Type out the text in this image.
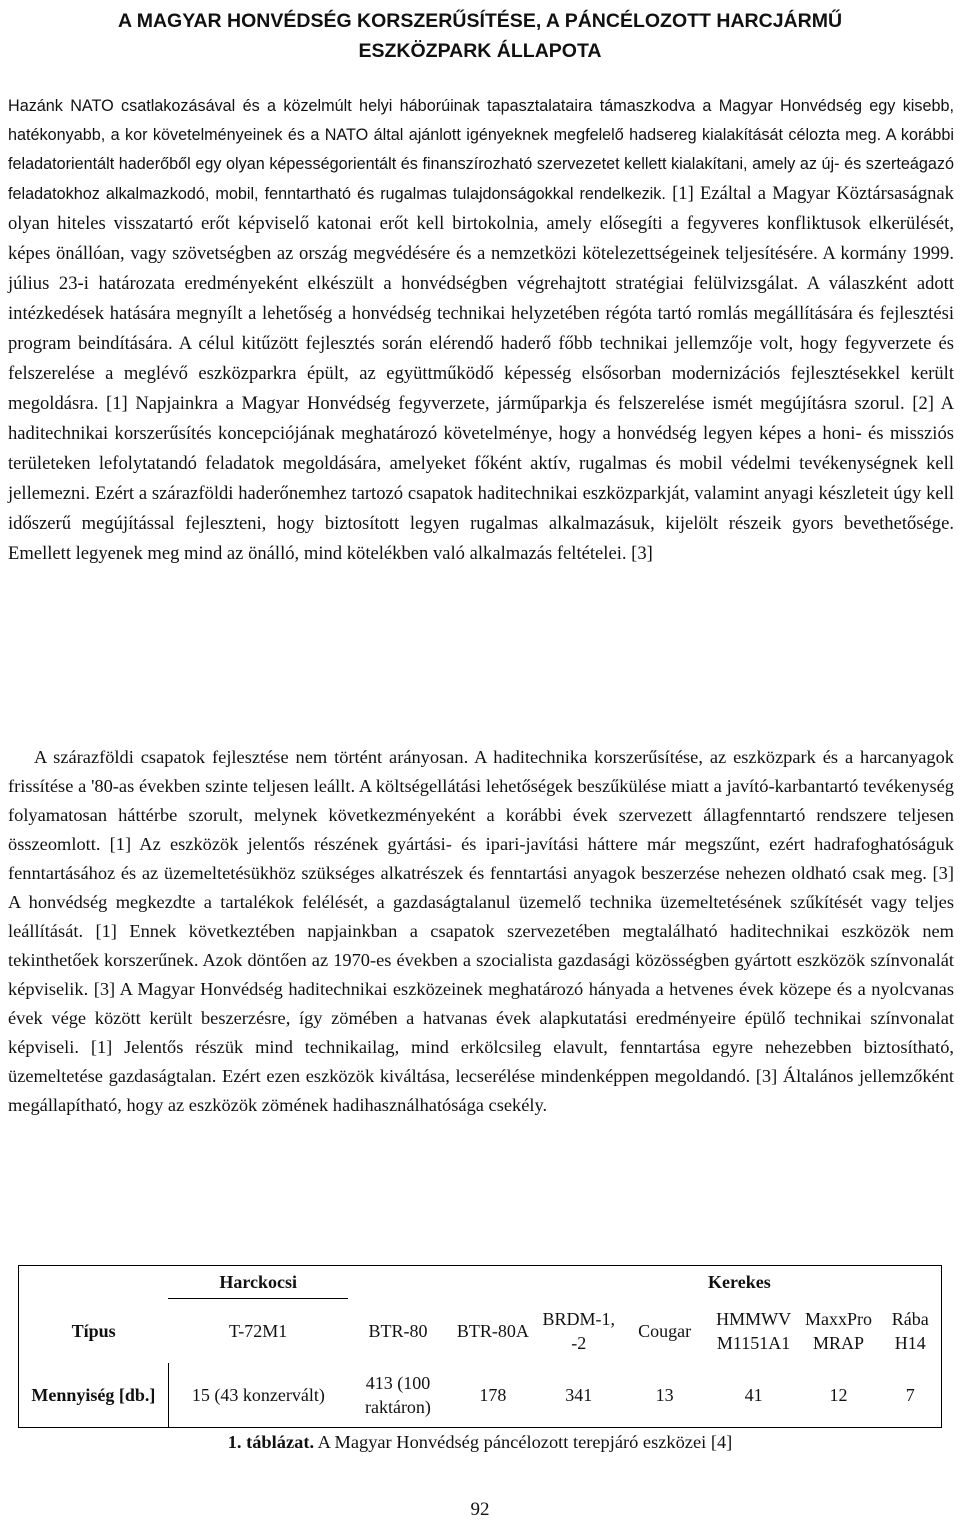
A MAGYAR HONVÉDSÉG KORSZERŰSÍTÉSE, A PÁNCÉLOZOTT HARCJÁRMŰ
ESZKÖZPARK ÁLLAPOTA
Hazánk NATO csatlakozásával és a közelmúlt helyi háborúinak tapasztalataira támaszkodva a Magyar Honvédség egy kisebb, hatékonyabb, a kor követelményeinek és a NATO által ajánlott igényeknek megfelelő hadsereg kialakítását célozta meg. A korábbi feladatorientált haderőből egy olyan képességorientált és finanszírozható szervezetet kellett kialakítani, amely az új- és szerteágazó feladatokhoz alkalmazkodó, mobil, fenntartható és rugalmas tulajdonságokkal rendelkezik. [1] Ezáltal a Magyar Köztársaságnak olyan hiteles visszatartó erőt képviselő katonai erőt kell birtokolnia, amely elősegíti a fegyveres konfliktusok elkerülését, képes önállóan, vagy szövetségben az ország megvédésére és a nemzetközi kötelezettségeinek teljesítésére. A kormány 1999. július 23-i határozata eredményeként elkészült a honvédségben végrehajtott stratégiai felülvizsgálat. A válaszként adott intézkedések hatására megnyílt a lehetőség a honvédség technikai helyzetében régóta tartó romlás megállítására és fejlesztési program beindítására. A célul kitűzött fejlesztés során elérendő haderő főbb technikai jellemzője volt, hogy fegyverzete és felszerelése a meglévő eszközparkra épült, az együttműködő képesség elsősorban modernizációs fejlesztésekkel került megoldásra. [1] Napjainkra a Magyar Honvédség fegyverzete, járműparkja és felszerelése ismét megújításra szorul. [2] A haditechnikai korszerűsítés koncepciójának meghatározó követelménye, hogy a honvédség legyen képes a honi- és missziós területeken lefolytatandó feladatok megoldására, amelyeket főként aktív, rugalmas és mobil védelmi tevékenységnek kell jellemezni. Ezért a szárazföldi haderőnemhez tartozó csapatok haditechnikai eszközparkját, valamint anyagi készleteit úgy kell időszerű megújítással fejleszteni, hogy biztosított legyen rugalmas alkalmazásuk, kijelölt részeik gyors bevethetősége. Emellett legyenek meg mind az önálló, mind kötelékben való alkalmazás feltételei. [3]
A szárazföldi csapatok fejlesztése nem történt arányosan. A haditechnika korszerűsítése, az eszközpark és a harcanyagok frissítése a '80-as években szinte teljesen leállt. A költségellátási lehetőségek beszűkülése miatt a javító-karbantartó tevékenység folyamatosan háttérbe szorult, melynek következményeként a korábbi évek szervezett állagfenntartó rendszere teljesen összeomlott. [1] Az eszközök jelentős részének gyártási- és ipari-javítási háttere már megszűnt, ezért hadrafoghatóságuk fenntartásához és az üzemeltetésükhöz szükséges alkatrészek és fenntartási anyagok beszerzése nehezen oldható csak meg. [3] A honvédség megkezdte a tartalékok felélését, a gazdaságtalanul üzemelő technika üzemeltetésének szűkítését vagy teljes leállítását. [1] Ennek következtében napjainkban a csapatok szervezetében megtalálható haditechnikai eszközök nem tekinthetőek korszerűnek. Azok döntően az 1970-es években a szocialista gazdasági közösségben gyártott eszközök színvonalát képviselik. [3] A Magyar Honvédség haditechnikai eszközeinek meghatározó hányada a hetvenes évek közepe és a nyolcvanas évek vége között került beszerzésre, így zömében a hatvanas évek alapkutatási eredményeire épülő technikai színvonalat képviseli. [1] Jelentős részük mind technikailag, mind erkölcsileg elavult, fenntartása egyre nehezebben biztosítható, üzemeltetése gazdaságtalan. Ezért ezen eszközök kiváltása, lecserélése mindenképpen megoldandó. [3] Általános jellemzőként megállapítható, hogy az eszközök zömének hadihasználhatósága csekély.
	Harckocsi			Kerekes				
Típus	T-72M1	BTR-80	BTR-80A	BRDM-1, -2	Cougar	HMMWV M1151A1	MaxxPro MRAP	Rába H14
Mennyiség [db.]	15 (43 konzervált)	413 (100 raktáron)	178	341	13	41	12	7
1. táblázat. A Magyar Honvédség páncélozott terepjáró eszközei [4]
92
